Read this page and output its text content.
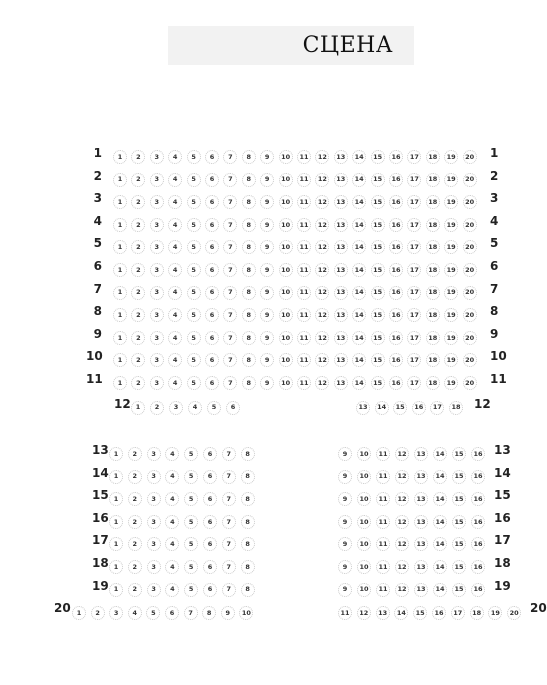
СЦЕНА
1	1
1	2	3	4	5	6	7	8	9	10	11	12	13	14	15	16	17	18	19	20
2	2
1	2	3	4	5	6	7	8	9	10	11	12	13	14	15	16	17	18	19	20
3	3
1	2	3	4	5	6	7	8	9	10	11	12	13	14	15	16	17	18	19	20
4	4
1	2	3	4	5	6	7	8	9	10	11	12	13	14	15	16	17	18	19	20
5	5
1	2	3	4	5	6	7	8	9	10	11	12	13	14	15	16	17	18	19	20
6	6
1	2	3	4	5	6	7	8	9	10	11	12	13	14	15	16	17	18	19	20
7	7
1	2	3	4	5	6	7	8	9	10	11	12	13	14	15	16	17	18	19	20
8	8
1	2	3	4	5	6	7	8	9	10	11	12	13	14	15	16	17	18	19	20
9	9
1	2	3	4	5	6	7	8	9	10	11	12	13	14	15	16	17	18	19	20
10	10
1	2	3	4	5	6	7	8	9	10	11	12	13	14	15	16	17	18	19	20
11	11
1	2	3	4	5	6	7	8	9	10	11	12	13	14	15	16	17	18	19	20
12	12
1	2	3	4	5	6	13	14	15	16	17	18
13	13
1	2	3	4	5	6	7	8	9	10	11	12	13	14	15	16
14	14
1	2	3	4	5	6	7	8	9	10	11	12	13	14	15	16
15	15
1	2	3	4	5	6	7	8	9	10	11	12	13	14	15	16
16	16
1	2	3	4	5	6	7	8	9	10	11	12	13	14	15	16
17	17
1	2	3	4	5	6	7	8	9	10	11	12	13	14	15	16
18	18
1	2	3	4	5	6	7	8	9	10	11	12	13	14	15	16
19	19
1	2	3	4	5	6	7	8	9	10	11	12	13	14	15	16
20	20
1	2	3	4	5	6	7	8	9	10	11	12	13	14	15	16	17	18	19	20
